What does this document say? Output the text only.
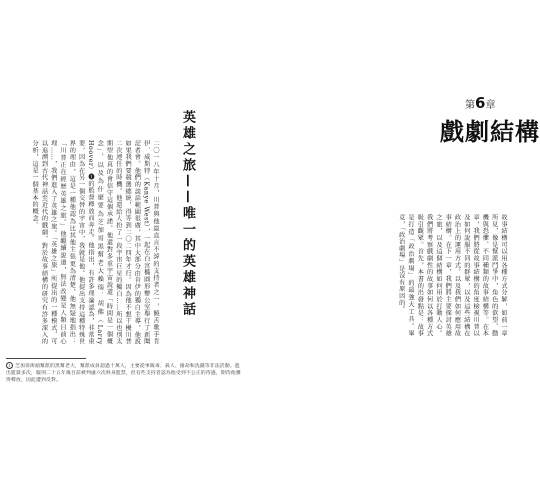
英雄之旅——唯一的英雄神話
二〇一八年十月，川普與他最直言不諱的支持者之一，饒舌歌手肯伊．威斯特（Kanye West），一起在白宮橢圓形辦公室舉行了新聞記者會。他們的談話範圍很廣，其中大部分由肯伊的獨白主導，他說如果我們要競選總統，得等到二〇二四年才行。因為他不想干擾川普二次連任的時機。他還給人扮了一段宇宙巨星的獨白……所以也別太期望他真的會信守這個承諾。他還對多重宇宙說道「時間是一個概念」，以及為什麼要為芝加哥黑幫老大賴瑞．胡佛（Larry Hoover）❶的監督釋放而奔走。他指出，有許多理論認為，非常重要，因為在另一個交替的宇宙中，我就是他。他提出支持這種特殊世界的理由，這是一種他認為比其他主張更為清楚，他無疑地指出：「川普正在經歷英雄之旅。」他繼續說道，無法改變是人類目前心理……，我們進入了英雄之旅。「英雄之旅」所提出的一種模式，可以追溯到古代神話至近代的戲劇，對於故事結構的研究有許多深入的分析，這是一個基本的概念。
1 芝加哥街頭幫派的黑幫老大，幫派成員超過十萬人，主要從事販毒、殺人、搶劫和洗錢等非法活動。進出監獄多次，服刑二十五年後目前被判處六次終身監禁，但有些支持者認為他受到不公正的待遇，期待他獲得釋放，因此遭到反對。
第6章
戲劇結構
故事結構可以用各種方式分解，如前一章所見，像是幫派鬥爭中，角色的欲望、動機與恐懼、不同種類的故事結構等。在本章，我們將從故事結構的角度檢視川普以及如何說服不同的群眾，以及這些結構在政治上的運用方式。以及我們如何應用故事結構。在下一章，我們將主要探討英雄之旅，以及這個結構如何用於打動人心。我們將考察戲劇性的故事如何以各種方式吸引觀眾。首先，本書的出發點是：故事是打造「政治劇場」的最強大工具。畢竟，「政治劇場」是沒有原因的。
